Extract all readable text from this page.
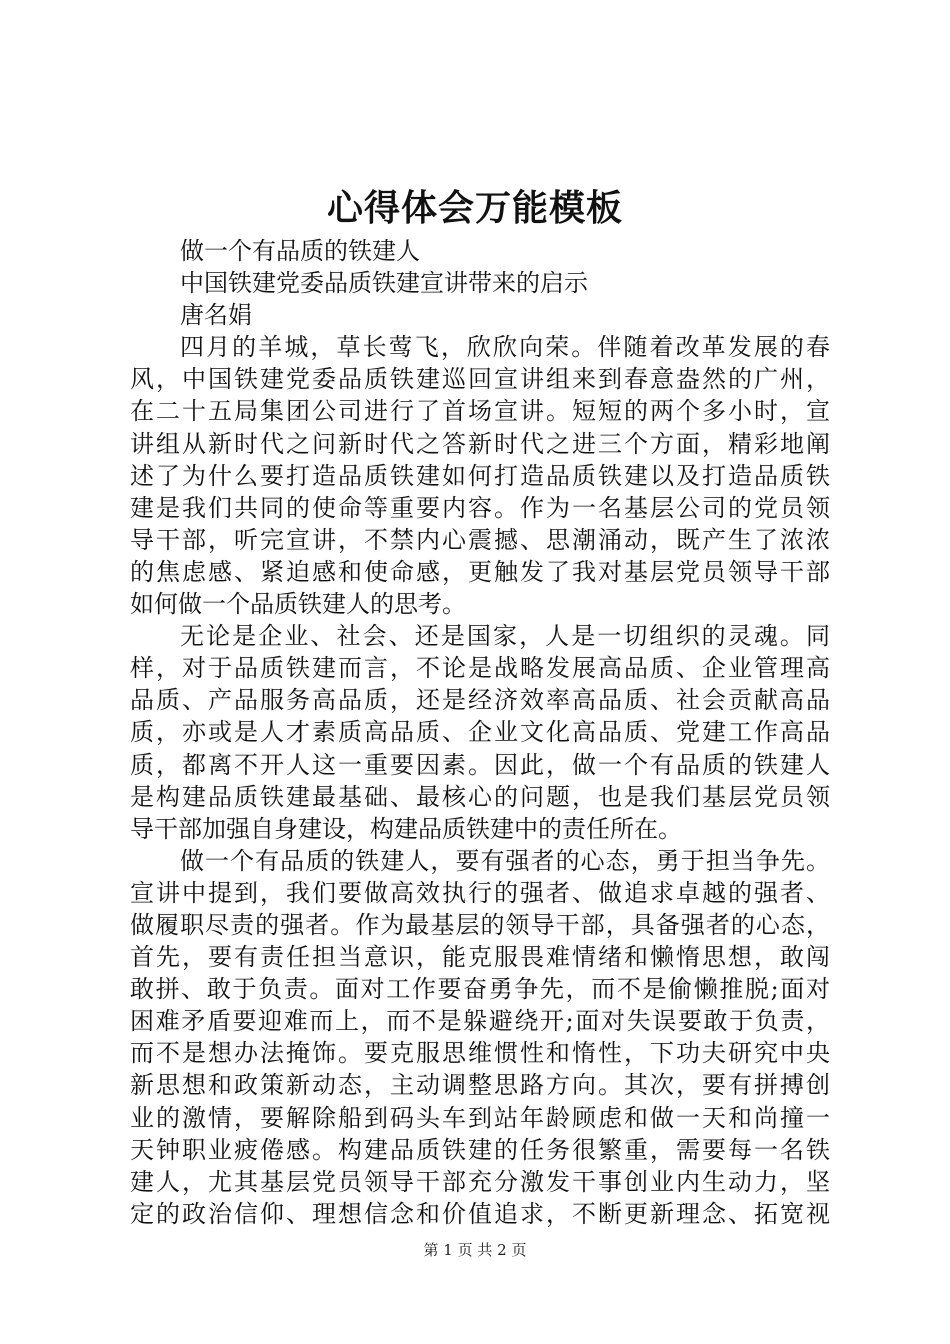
心得体会万能模板
做一个有品质的铁建人
中国铁建党委品质铁建宣讲带来的启示
唐名娟
四月的羊城，草长莺飞，欣欣向荣。伴随着改革发展的春
风，中国铁建党委品质铁建巡回宣讲组来到春意盎然的广州，
在二十五局集团公司进行了首场宣讲。短短的两个多小时，宣
讲组从新时代之问新时代之答新时代之进三个方面，精彩地阐
述了为什么要打造品质铁建如何打造品质铁建以及打造品质铁
建是我们共同的使命等重要内容。作为一名基层公司的党员领
导干部，听完宣讲，不禁内心震撼、思潮涌动，既产生了浓浓
的焦虑感、紧迫感和使命感，更触发了我对基层党员领导干部
如何做一个品质铁建人的思考。
无论是企业、社会、还是国家，人是一切组织的灵魂。同
样，对于品质铁建而言，不论是战略发展高品质、企业管理高
品质、产品服务高品质，还是经济效率高品质、社会贡献高品
质，亦或是人才素质高品质、企业文化高品质、党建工作高品
质，都离不开人这一重要因素。因此，做一个有品质的铁建人
是构建品质铁建最基础、最核心的问题，也是我们基层党员领
导干部加强自身建设，构建品质铁建中的责任所在。
做一个有品质的铁建人，要有强者的心态，勇于担当争先。
宣讲中提到，我们要做高效执行的强者、做追求卓越的强者、
做履职尽责的强者。作为最基层的领导干部，具备强者的心态，
首先，要有责任担当意识，能克服畏难情绪和懒惰思想，敢闯
敢拼、敢于负责。面对工作要奋勇争先，而不是偷懒推脱;面对
困难矛盾要迎难而上，而不是躲避绕开;面对失误要敢于负责，
而不是想办法掩饰。要克服思维惯性和惰性，下功夫研究中央
新思想和政策新动态，主动调整思路方向。其次，要有拼搏创
业的激情，要解除船到码头车到站年龄顾虑和做一天和尚撞一
天钟职业疲倦感。构建品质铁建的任务很繁重，需要每一名铁
建人，尤其基层党员领导干部充分激发干事创业内生动力，坚
定的政治信仰、理想信念和价值追求，不断更新理念、拓宽视
第 1 页 共 2 页
